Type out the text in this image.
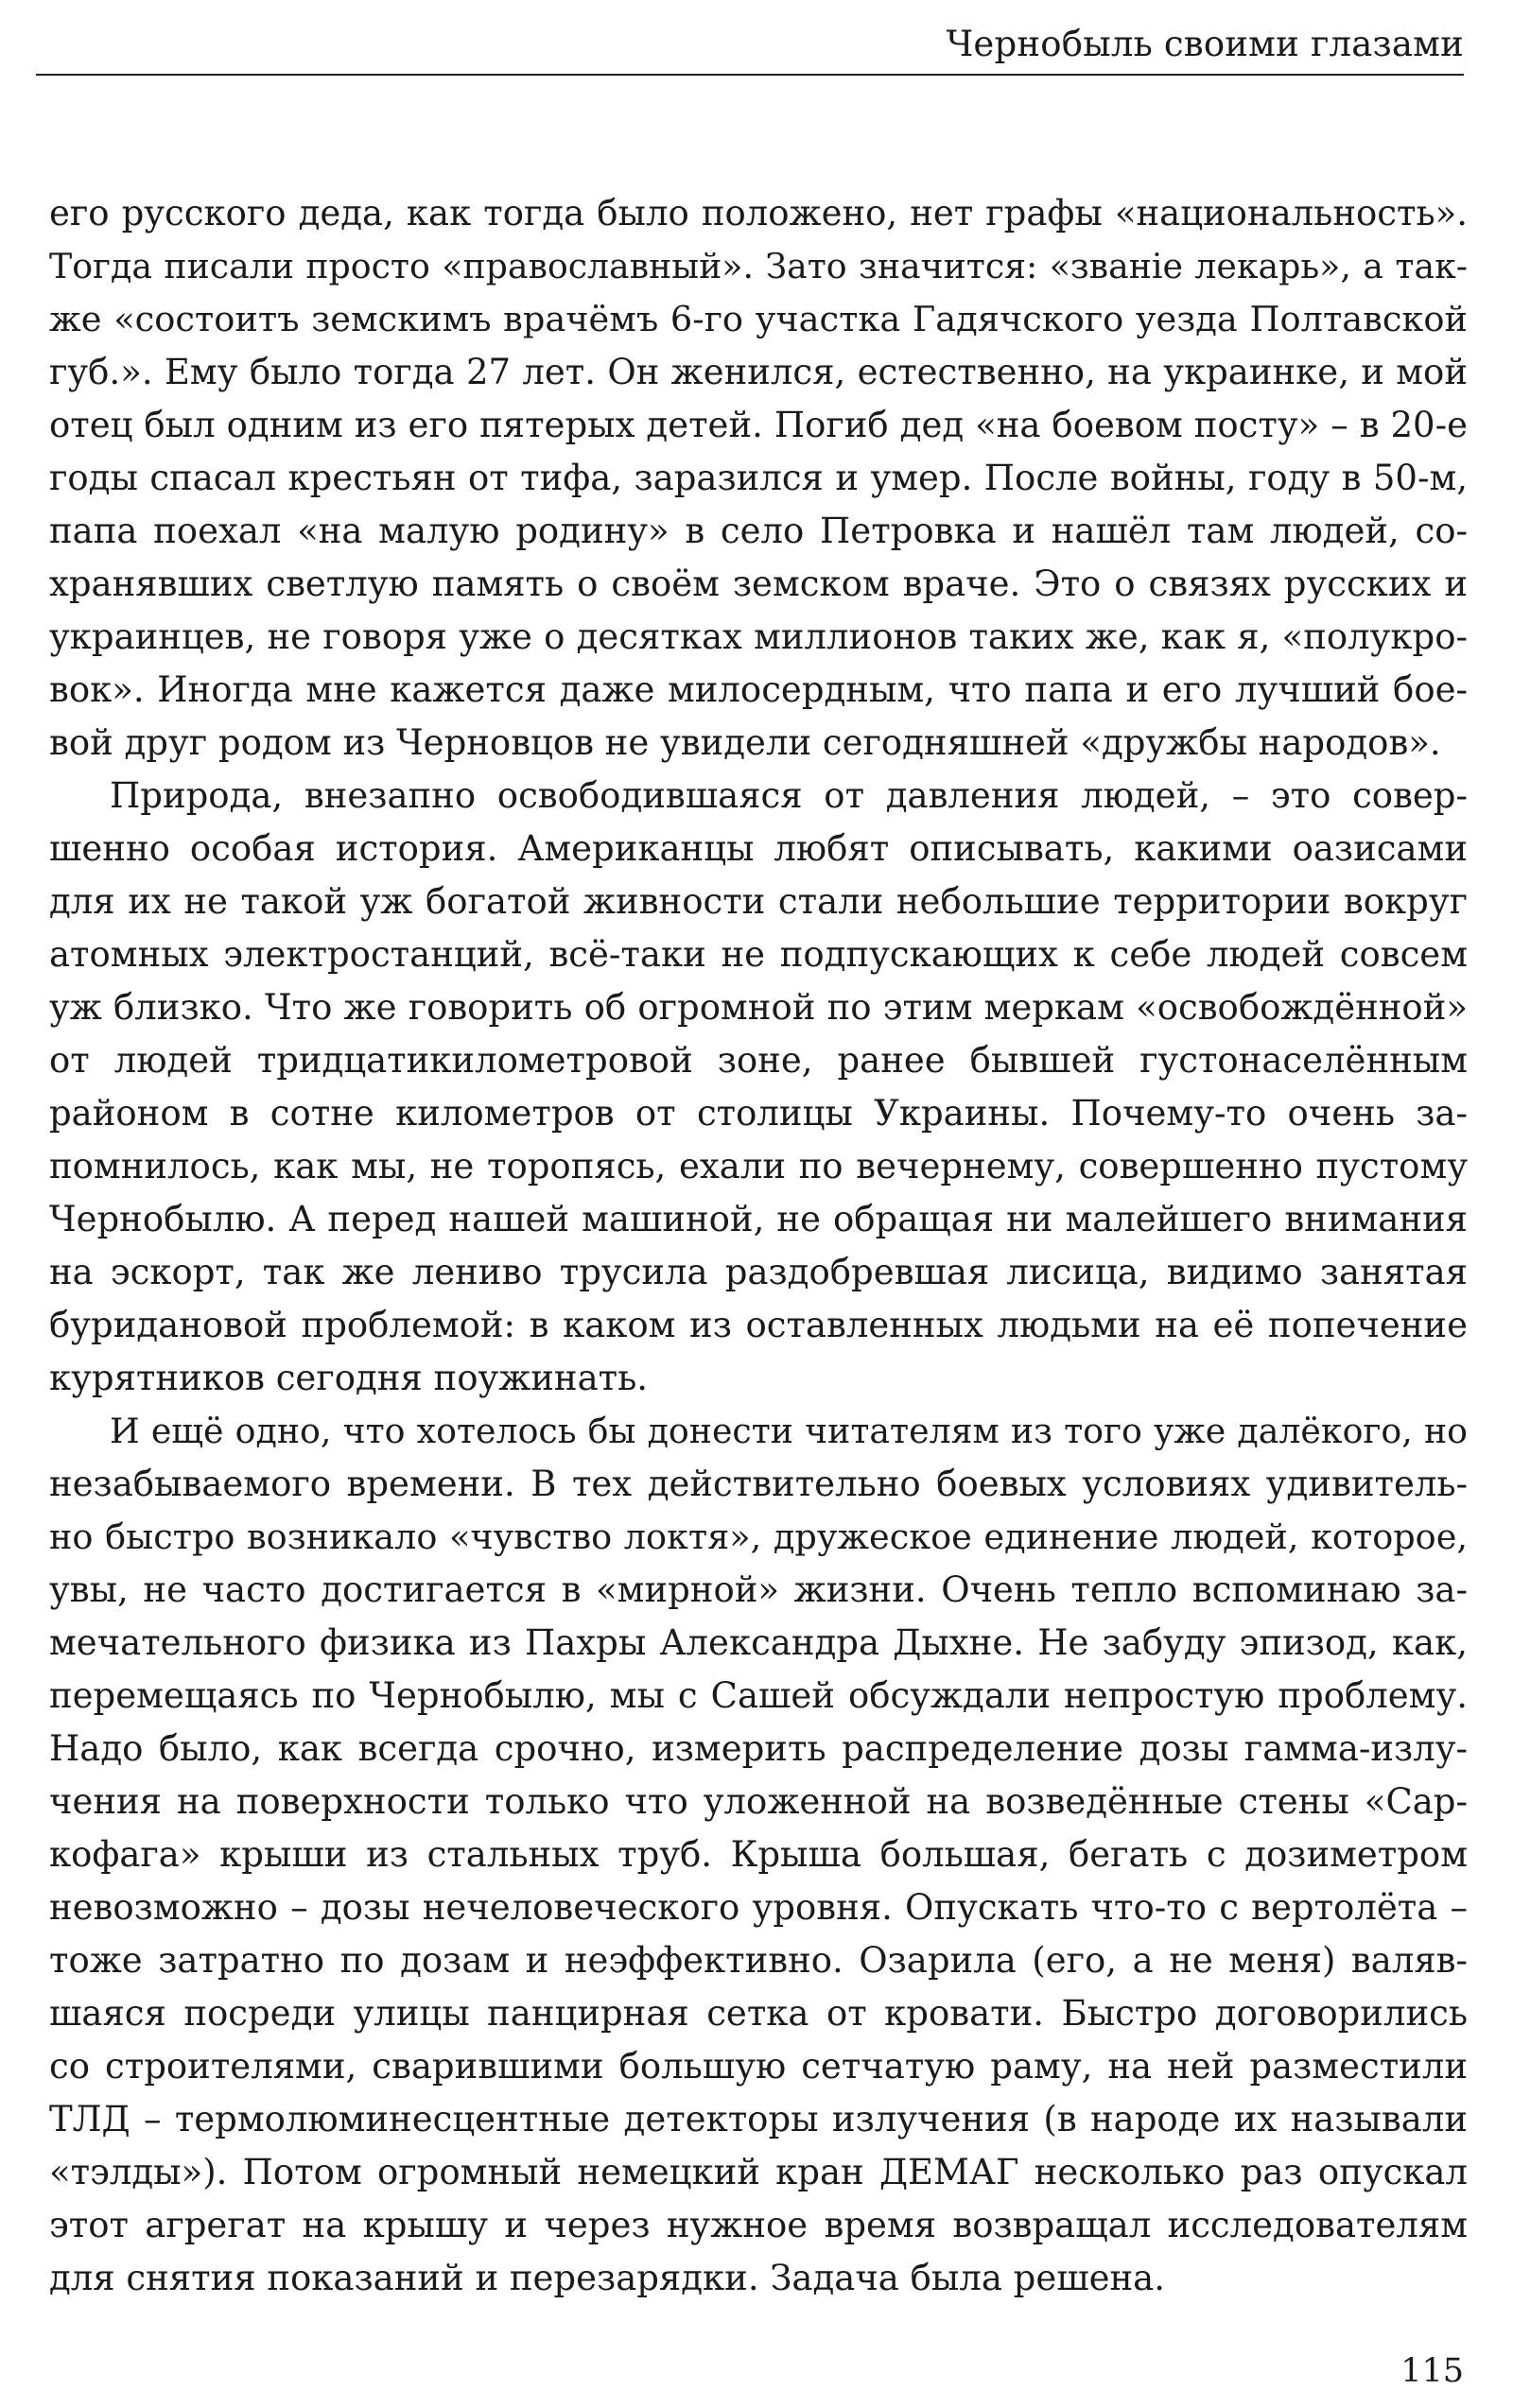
Чернобыль своими глазами
его русского деда, как тогда было положено, нет графы «национальность».
Тогда писали просто «православный». Зато значится: «званіе лекарь», а так-
же «состоитъ земскимъ врачёмъ 6-го участка Гадячского уезда Полтавской
губ.». Ему было тогда 27 лет. Он женился, естественно, на украинке, и мой
отец был одним из его пятерых детей. Погиб дед «на боевом посту» – в 20-е
годы спасал крестьян от тифа, заразился и умер. После войны, году в 50-м,
папа поехал «на малую родину» в село Петровка и нашёл там людей, со-
хранявших светлую память о своём земском враче. Это о связях русских и
украинцев, не говоря уже о десятках миллионов таких же, как я, «полукро-
вок». Иногда мне кажется даже милосердным, что папа и его лучший бое-
вой друг родом из Черновцов не увидели сегодняшней «дружбы народов».
Природа, внезапно освободившаяся от давления людей, – это совер-
шенно особая история. Американцы любят описывать, какими оазисами
для их не такой уж богатой живности стали небольшие территории вокруг
атомных электростанций, всё-таки не подпускающих к себе людей совсем
уж близко. Что же говорить об огромной по этим меркам «освобождённой»
от людей тридцатикилометровой зоне, ранее бывшей густонаселённым
районом в сотне километров от столицы Украины. Почему-то очень за-
помнилось, как мы, не торопясь, ехали по вечернему, совершенно пустому
Чернобылю. А перед нашей машиной, не обращая ни малейшего внимания
на эскорт, так же лениво трусила раздобревшая лисица, видимо занятая
буридановой проблемой: в каком из оставленных людьми на её попечение
курятников сегодня поужинать.
И ещё одно, что хотелось бы донести читателям из того уже далёкого, но
незабываемого времени. В тех действительно боевых условиях удивитель-
но быстро возникало «чувство локтя», дружеское единение людей, которое,
увы, не часто достигается в «мирной» жизни. Очень тепло вспоминаю за-
мечательного физика из Пахры Александра Дыхне. Не забуду эпизод, как,
перемещаясь по Чернобылю, мы с Сашей обсуждали непростую проблему.
Надо было, как всегда срочно, измерить распределение дозы гамма-излу-
чения на поверхности только что уложенной на возведённые стены «Сар-
кофага» крыши из стальных труб. Крыша большая, бегать с дозиметром
невозможно – дозы нечеловеческого уровня. Опускать что-то с вертолёта –
тоже затратно по дозам и неэффективно. Озарила (его, а не меня) валяв-
шаяся посреди улицы панцирная сетка от кровати. Быстро договорились
со строителями, сварившими большую сетчатую раму, на ней разместили
ТЛД – термолюминесцентные детекторы излучения (в народе их называли
«тэлды»). Потом огромный немецкий кран ДЕМАГ несколько раз опускал
этот агрегат на крышу и через нужное время возвращал исследователям
для снятия показаний и перезарядки. Задача была решена.
115
